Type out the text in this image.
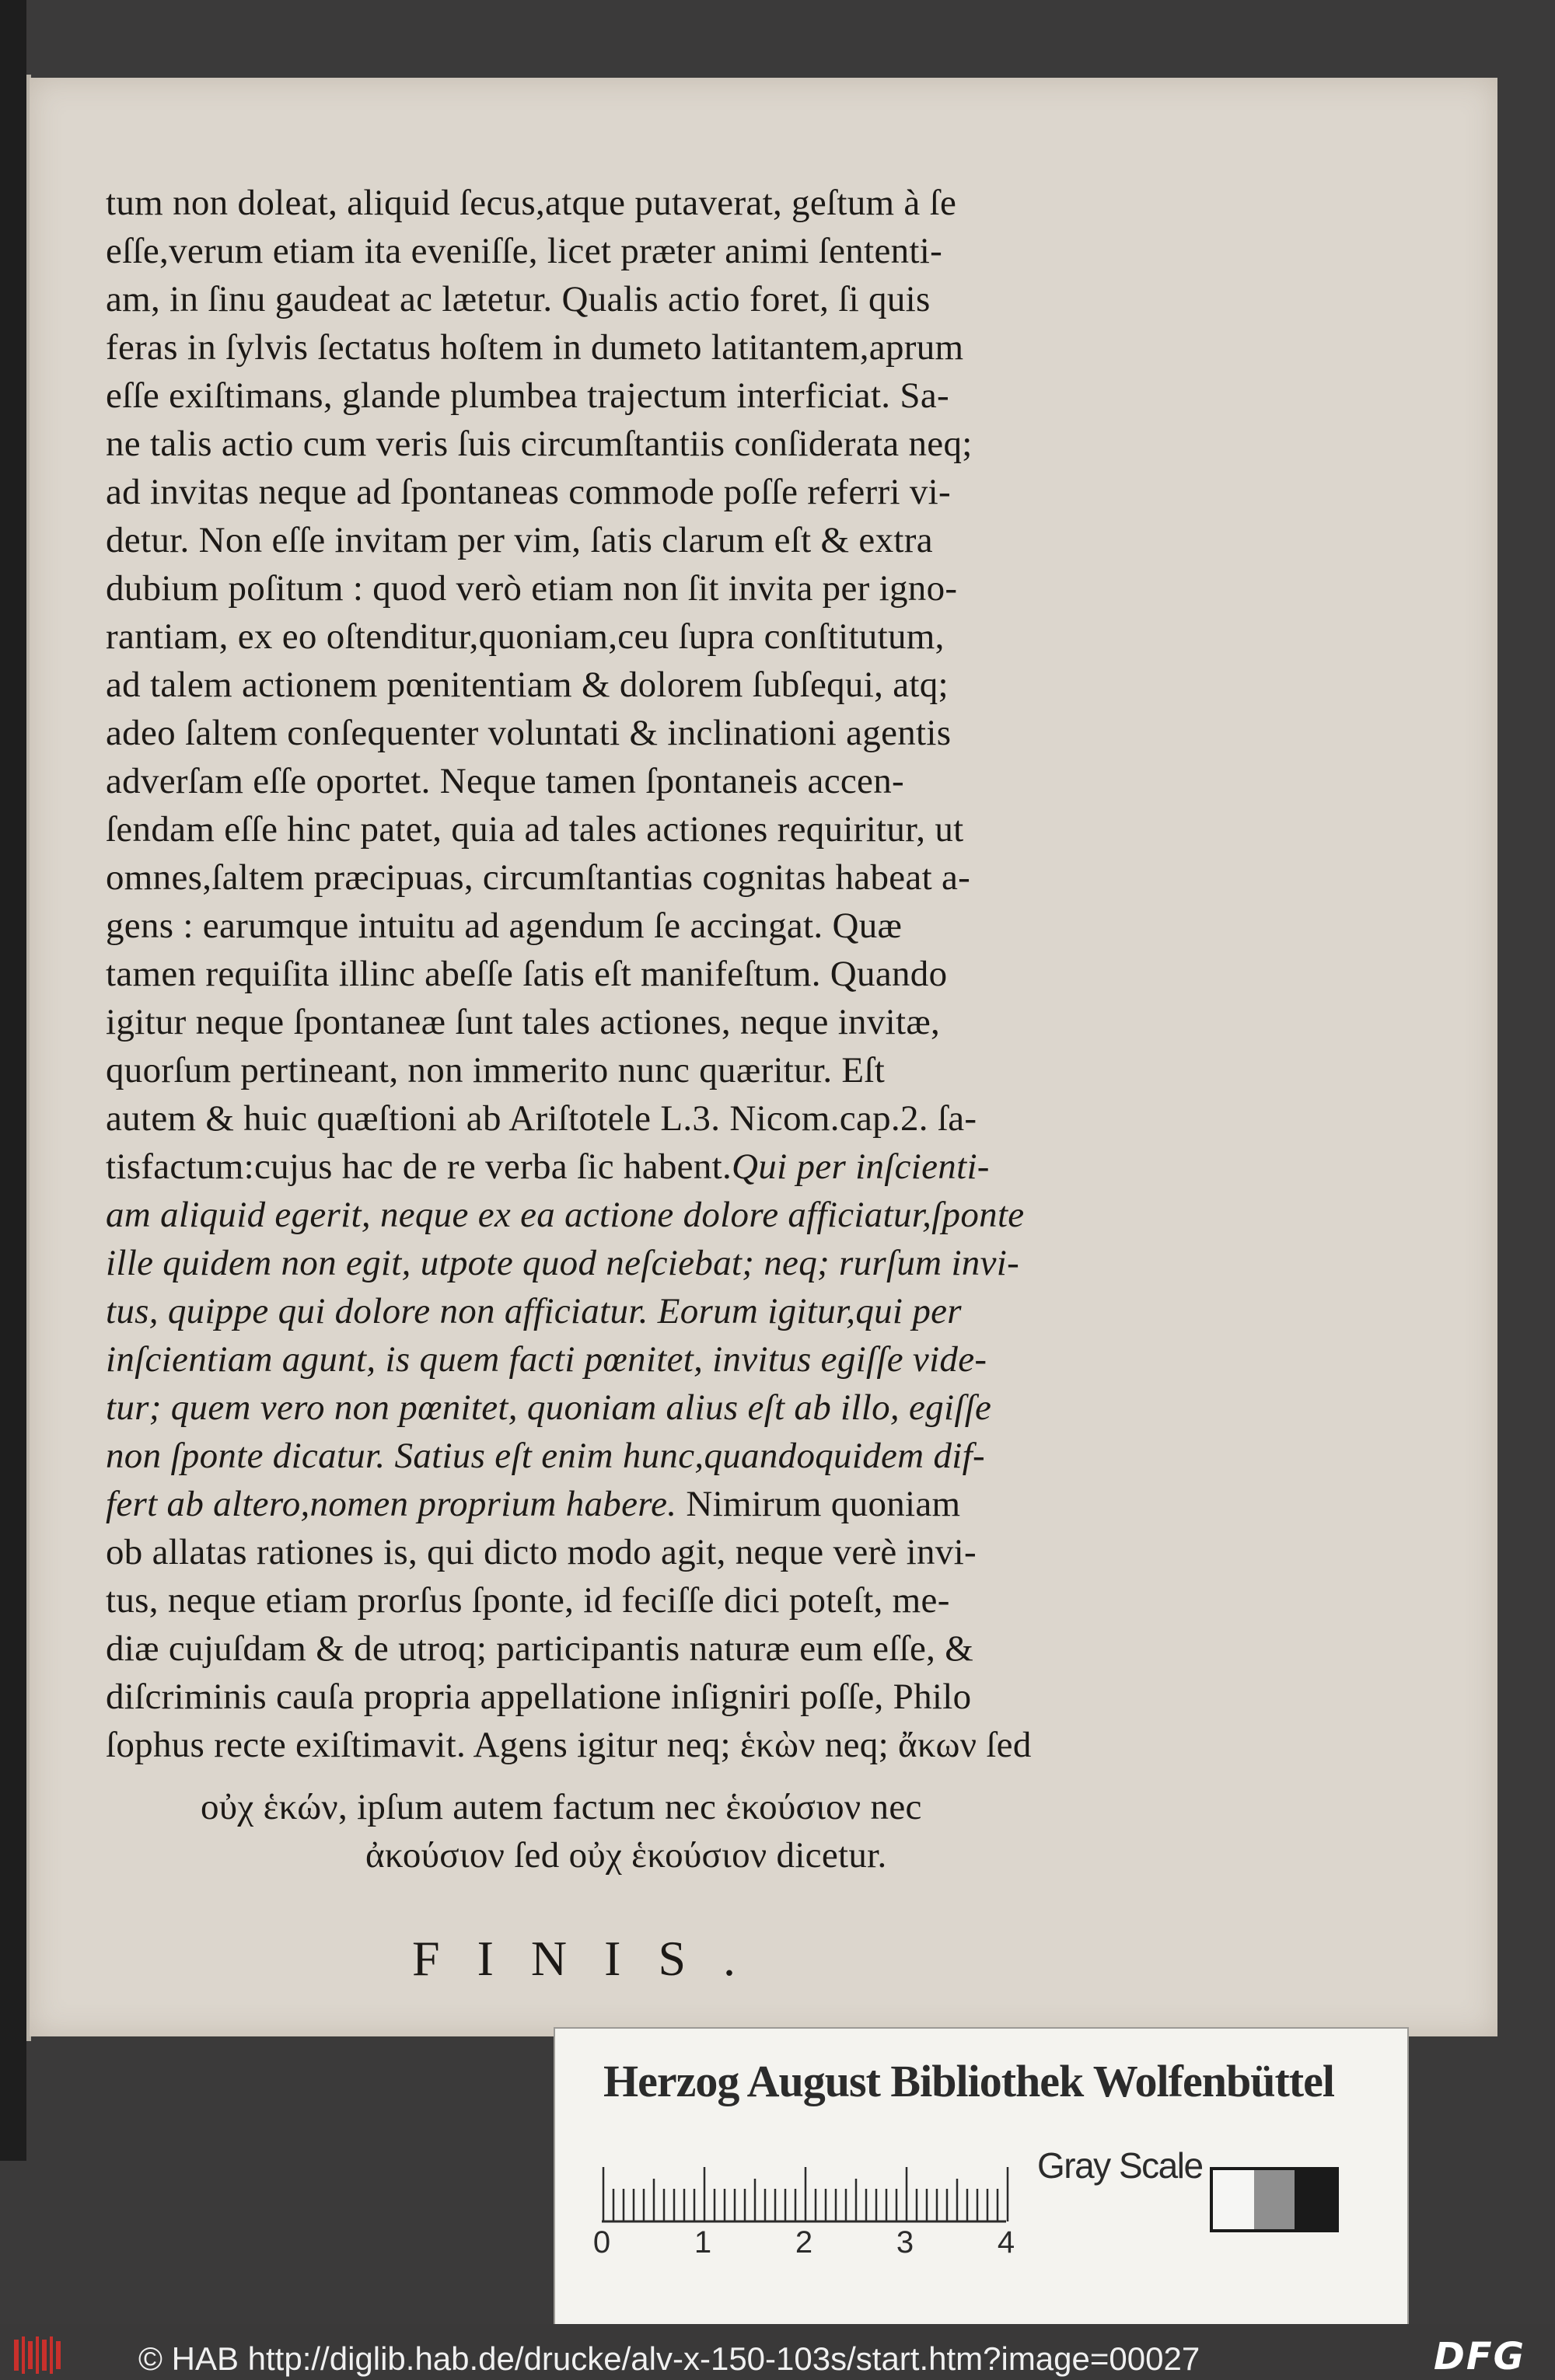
tum non doleat, aliquid ſecus,atque putaverat, geſtum à ſe
eſſe,verum etiam ita eveniſſe, licet præter animi ſententi-
am, in ſinu gaudeat ac lætetur. Qualis actio foret, ſi quis
feras in ſylvis ſectatus hoſtem in dumeto latitantem,aprum
eſſe exiſtimans, glande plumbea trajectum interficiat. Sa-
ne talis actio cum veris ſuis circumſtantiis conſiderata neq;
ad invitas neque ad ſpontaneas commode poſſe referri vi-
detur. Non eſſe invitam per vim, ſatis clarum eſt & extra
dubium poſitum : quod verò etiam non ſit invita per igno-
rantiam, ex eo oſtenditur,quoniam,ceu ſupra conſtitutum,
ad talem actionem pœnitentiam & dolorem ſubſequi, atq;
adeo ſaltem conſequenter voluntati & inclinationi agentis
adverſam eſſe oportet. Neque tamen ſpontaneis accen-
ſendam eſſe hinc patet, quia ad tales actiones requiritur, ut
omnes,ſaltem præcipuas, circumſtantias cognitas habeat a-
gens : earumque intuitu ad agendum ſe accingat. Quæ
tamen requiſita illinc abeſſe ſatis eſt manifeſtum. Quando
igitur neque ſpontaneæ ſunt tales actiones, neque invitæ,
quorſum pertineant, non immerito nunc quæritur. Eſt
autem & huic quæſtioni ab Ariſtotele L.3. Nicom.cap.2. ſa-
tisfactum:cujus hac de re verba ſic habent.Qui per inſcienti-
am aliquid egerit, neque ex ea actione dolore afficiatur,ſponte
ille quidem non egit, utpote quod neſciebat; neq; rurſum invi-
tus, quippe qui dolore non afficiatur. Eorum igitur,qui per
inſcientiam agunt, is quem facti pœnitet, invitus egiſſe vide-
tur; quem vero non pœnitet, quoniam alius eſt ab illo, egiſſe
non ſponte dicatur. Satius eſt enim hunc,quandoquidem dif-
fert ab altero,nomen proprium habere. Nimirum quoniam
ob allatas rationes is, qui dicto modo agit, neque verè invi-
tus, neque etiam prorſus ſponte, id feciſſe dici poteſt, me-
diæ cujuſdam & de utroq; participantis naturæ eum eſſe, &
diſcriminis cauſa propria appellatione inſigniri poſſe, Philo
ſophus recte exiſtimavit. Agens igitur neq; ἑκὼν neq; ἄκων ſed
οὐχ ἑκών, ipſum autem factum nec ἑκούσιον nec
ἀκούσιον ſed οὐχ ἑκούσιον dicetur.
FINIS.
Herzog August Bibliothek Wolfenbüttel
0	1	2	3	4
Gray Scale
© HAB http://diglib.hab.de/drucke/alv-x-150-103s/start.htm?image=00027	DFG
